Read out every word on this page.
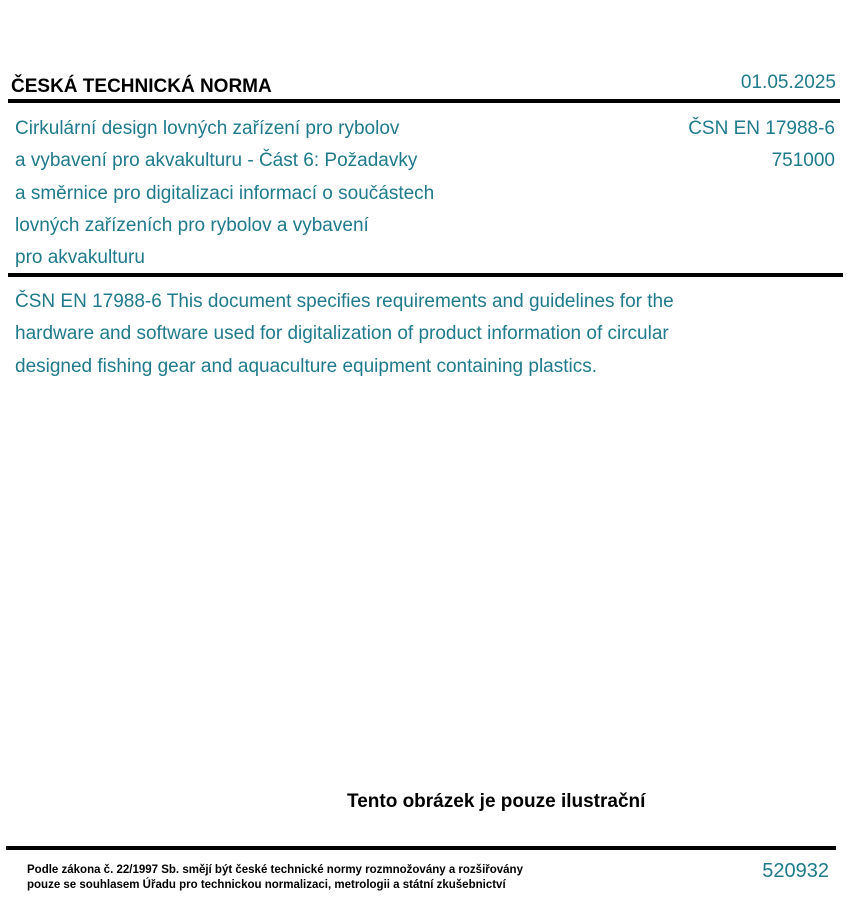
ČESKÁ TECHNICKÁ NORMA	01.05.2025
Cirkulární design lovných zařízení pro rybolov
a vybavení pro akvakulturu - Část 6: Požadavky
a směrnice pro digitalizaci informací o součástech
lovných zařízeních pro rybolov a vybavení
pro akvakulturu
ČSN EN 17988-6
751000
ČSN EN 17988-6 This document specifies requirements and guidelines for the
hardware and software used for digitalization of product information of circular
designed fishing gear and aquaculture equipment containing plastics.
Tento obrázek je pouze ilustrační
Podle zákona č. 22/1997 Sb. smějí být české technické normy rozmnožovány a rozšiřovány
pouze se souhlasem Úřadu pro technickou normalizaci, metrologii a státní zkušebnictví
520932
